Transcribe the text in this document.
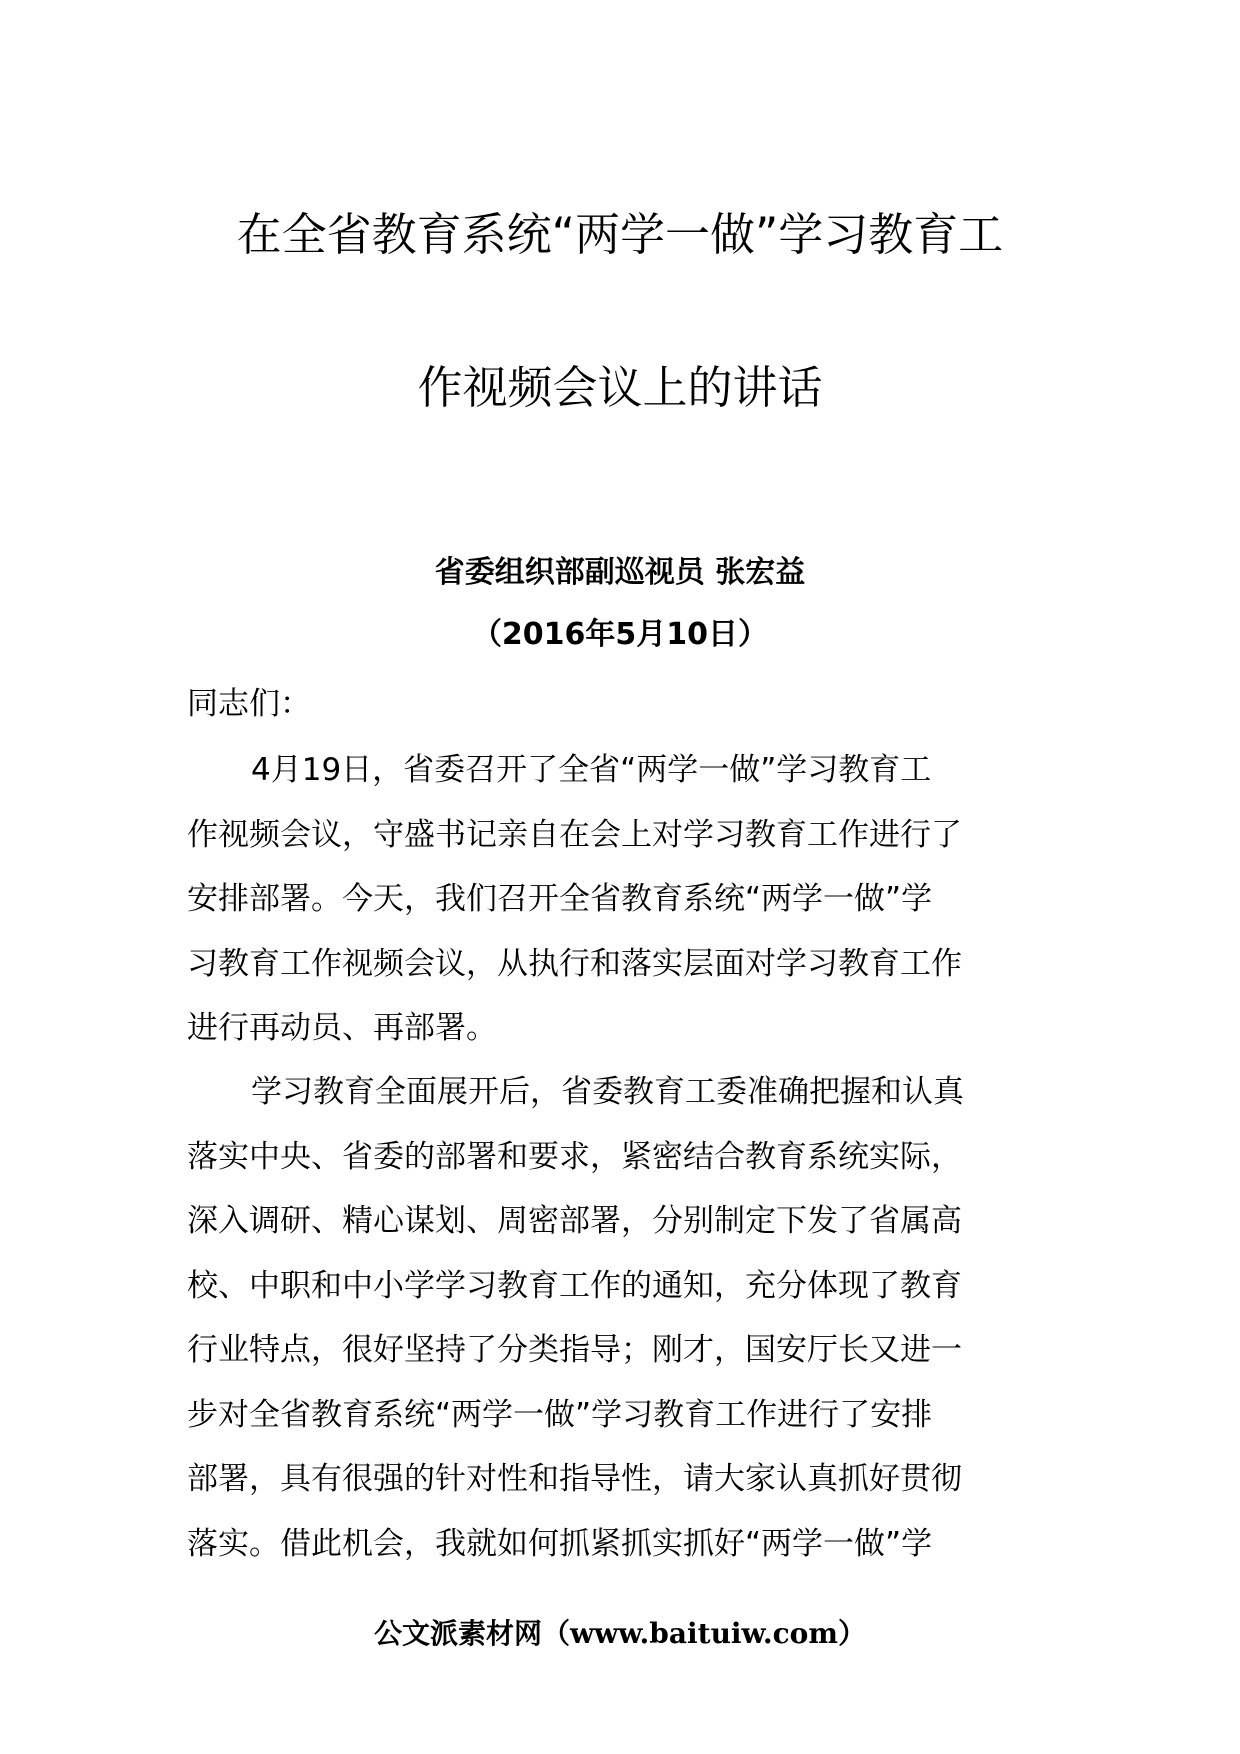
在全省教育系统“两学一做”学习教育工
作视频会议上的讲话
省委组织部副巡视员 张宏益
（2016年5月10日）
同志们：
4月19日，省委召开了全省“两学一做”学习教育工
作视频会议，守盛书记亲自在会上对学习教育工作进行了
安排部署。今天，我们召开全省教育系统“两学一做”学
习教育工作视频会议，从执行和落实层面对学习教育工作
进行再动员、再部署。
学习教育全面展开后，省委教育工委准确把握和认真
落实中央、省委的部署和要求，紧密结合教育系统实际，
深入调研、精心谋划、周密部署，分别制定下发了省属高
校、中职和中小学学习教育工作的通知，充分体现了教育
行业特点，很好坚持了分类指导；刚才，国安厅长又进一
步对全省教育系统“两学一做”学习教育工作进行了安排
部署，具有很强的针对性和指导性，请大家认真抓好贯彻
落实。借此机会，我就如何抓紧抓实抓好“两学一做”学
公文派素材网（www.baituiw.com）
